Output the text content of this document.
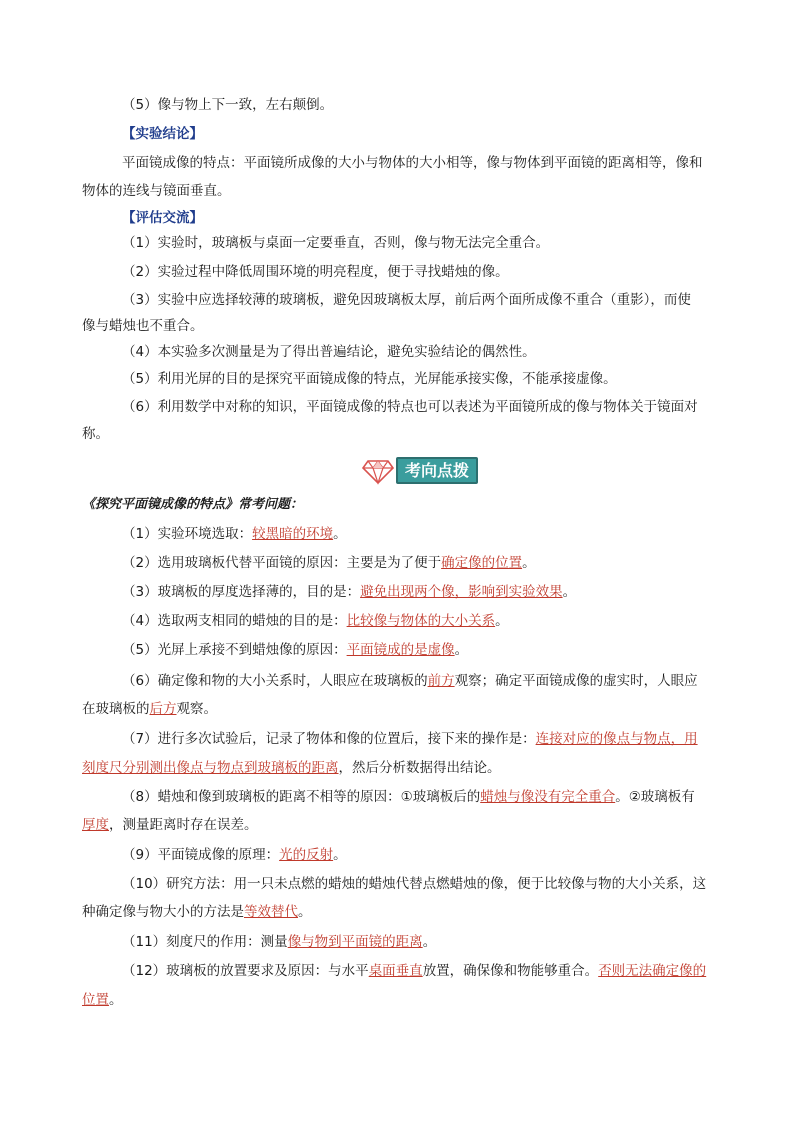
（5）像与物上下一致，左右颠倒。
【实验结论】
平面镜成像的特点：平面镜所成像的大小与物体的大小相等，像与物体到平面镜的距离相等，像和
物体的连线与镜面垂直。
【评估交流】
（1）实验时，玻璃板与桌面一定要垂直，否则，像与物无法完全重合。
（2）实验过程中降低周围环境的明亮程度，便于寻找蜡烛的像。
（3）实验中应选择较薄的玻璃板，避免因玻璃板太厚，前后两个面所成像不重合（重影），而使
像与蜡烛也不重合。
（4）本实验多次测量是为了得出普遍结论，避免实验结论的偶然性。
（5）利用光屏的目的是探究平面镜成像的特点，光屏能承接实像，不能承接虚像。
（6）利用数学中对称的知识，平面镜成像的特点也可以表述为平面镜所成的像与物体关于镜面对
称。
考向点拨
《探究平面镜成像的特点》常考问题：
（1）实验环境选取：较黑暗的环境。
（2）选用玻璃板代替平面镜的原因：主要是为了便于确定像的位置。
（3）玻璃板的厚度选择薄的，目的是：避免出现两个像，影响到实验效果。
（4）选取两支相同的蜡烛的目的是：比较像与物体的大小关系。
（5）光屏上承接不到蜡烛像的原因：平面镜成的是虚像。
（6）确定像和物的大小关系时，人眼应在玻璃板的前方观察；确定平面镜成像的虚实时，人眼应
在玻璃板的后方观察。
（7）进行多次试验后，记录了物体和像的位置后，接下来的操作是：连接对应的像点与物点，用
刻度尺分别测出像点与物点到玻璃板的距离，然后分析数据得出结论。
（8）蜡烛和像到玻璃板的距离不相等的原因：①玻璃板后的蜡烛与像没有完全重合。②玻璃板有
厚度，测量距离时存在误差。
（9）平面镜成像的原理：光的反射。
（10）研究方法：用一只未点燃的蜡烛的蜡烛代替点燃蜡烛的像，便于比较像与物的大小关系，这
种确定像与物大小的方法是等效替代。
（11）刻度尺的作用：测量像与物到平面镜的距离。
（12）玻璃板的放置要求及原因：与水平桌面垂直放置，确保像和物能够重合。否则无法确定像的
位置。
